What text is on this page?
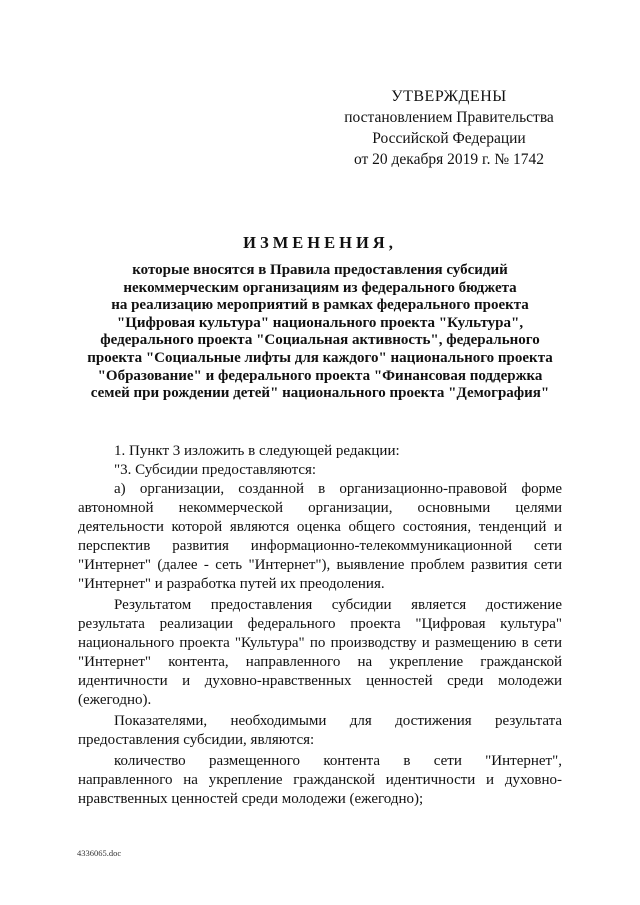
УТВЕРЖДЕНЫ
постановлением Правительства
Российской Федерации
от 20 декабря 2019 г. № 1742
ИЗМЕНЕНИЯ,
которые вносятся в Правила предоставления субсидий
некоммерческим организациям из федерального бюджета
на реализацию мероприятий в рамках федерального проекта
"Цифровая культура" национального проекта "Культура",
федерального проекта "Социальная активность", федерального
проекта "Социальные лифты для каждого" национального проекта
"Образование" и федерального проекта "Финансовая поддержка
семей при рождении детей" национального проекта "Демография"

1. Пункт 3 изложить в следующей редакции:

"3. Субсидии предоставляются:

а) организации, созданной в организационно-правовой форме автономной некоммерческой организации, основными целями деятельности которой являются оценка общего состояния, тенденций и перспектив развития информационно-телекоммуникационной сети "Интернет" (далее - сеть "Интернет"), выявление проблем развития сети "Интернет" и разработка путей их преодоления.

Результатом предоставления субсидии является достижение результата реализации федерального проекта "Цифровая культура" национального проекта "Культура" по производству и размещению в сети "Интернет" контента, направленного на укрепление гражданской идентичности и духовно-нравственных ценностей среди молодежи (ежегодно).

Показателями, необходимыми для достижения результата предоставления субсидии, являются:

количество размещенного контента в сети "Интернет", направленного на укрепление гражданской идентичности и духовно-нравственных ценностей среди молодежи (ежегодно);

4336065.doc
